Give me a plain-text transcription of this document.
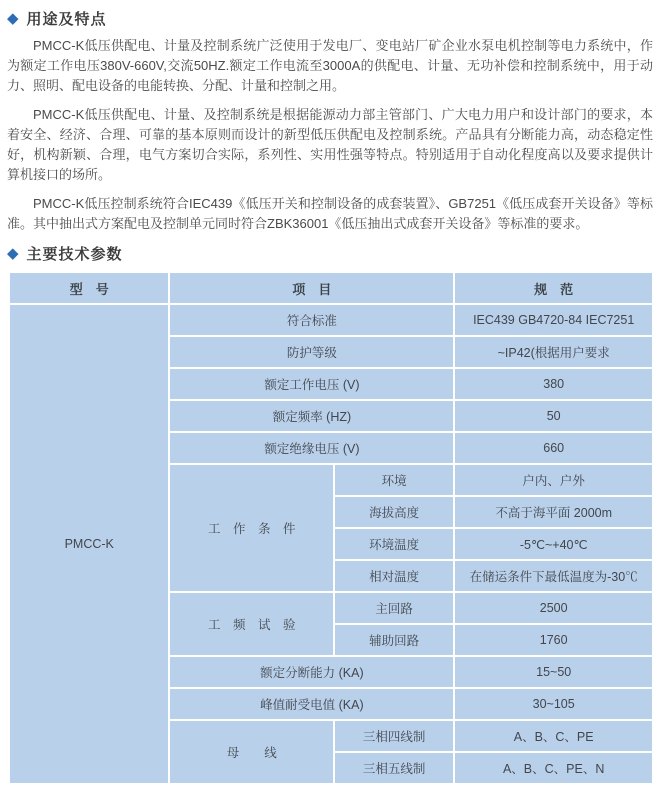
◆ 用途及特点

PMCC-K低压供配电、计量及控制系统广泛使用于发电厂、变电站厂矿企业水泵电机控制等电力系统中，作为额定工作电压380V-660V,交流50HZ.额定工作电流至3000A的供配电、计量、无功补偿和控制系统中，用于动力、照明、配电设备的电能转换、分配、计量和控制之用。

PMCC-K低压供配电、计量、及控制系统是根据能源动力部主管部门、广大电力用户和设计部门的要求，本着安全、经济、合理、可靠的基本原则而设计的新型低压供配电及控制系统。产品具有分断能力高，动态稳定性好，机构新颖、合理，电气方案切合实际，系列性、实用性强等特点。特别适用于自动化程度高以及要求提供计算机接口的场所。

PMCC-K低压控制系统符合IEC439《低压开关和控制设备的成套装置》、GB7251《低压成套开关设备》等标准。其中抽出式方案配电及控制单元同时符合ZBK36001《低压抽出式成套开关设备》等标准的要求。

◆ 主要技术参数
型　号	项　目		规　范
PMCC-K	符合标准		IEC439 GB4720-84 IEC7251
	防护等级		~IP42(根据用户要求
	额定工作电压 (V)		380
	额定频率 (HZ)		50
	额定绝缘电压 (V)		660
	工　作　条　件	环境	户内、户外
		海拔高度	不高于海平面 2000m
		环境温度	-5℃~+40℃
		相对温度	在储运条件下最低温度为-30℃
	工　频　试　验	主回路	2500
		辅助回路	1760
	额定分断能力 (KA)		15~50
	峰值耐受电值 (KA)		30~105
	母　　线	三相四线制	A、B、C、PE
		三相五线制	A、B、C、PE、N
